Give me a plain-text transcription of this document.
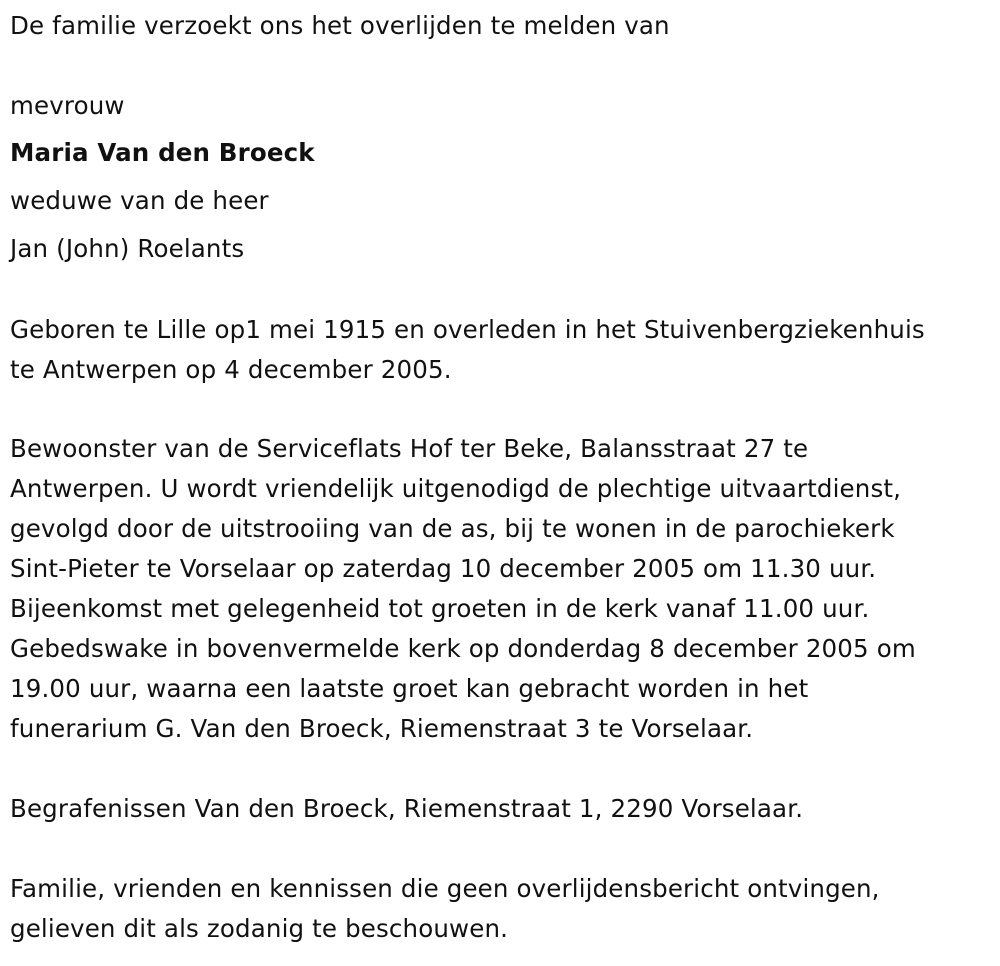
De familie verzoekt ons het overlijden te melden van
mevrouw
Maria Van den Broeck
weduwe van de heer
Jan (John) Roelants
Geboren te Lille op1 mei 1915 en overleden in het Stuivenbergziekenhuis
te Antwerpen op 4 december 2005.
Bewoonster van de Serviceflats Hof ter Beke, Balansstraat 27 te
Antwerpen. U wordt vriendelijk uitgenodigd de plechtige uitvaartdienst,
gevolgd door de uitstrooiing van de as, bij te wonen in de parochiekerk
Sint-Pieter te Vorselaar op zaterdag 10 december 2005 om 11.30 uur.
Bijeenkomst met gelegenheid tot groeten in de kerk vanaf 11.00 uur.
Gebedswake in bovenvermelde kerk op donderdag 8 december 2005 om
19.00 uur, waarna een laatste groet kan gebracht worden in het
funerarium G. Van den Broeck, Riemenstraat 3 te Vorselaar.
Begrafenissen Van den Broeck, Riemenstraat 1, 2290 Vorselaar.
Familie, vrienden en kennissen die geen overlijdensbericht ontvingen,
gelieven dit als zodanig te beschouwen.
